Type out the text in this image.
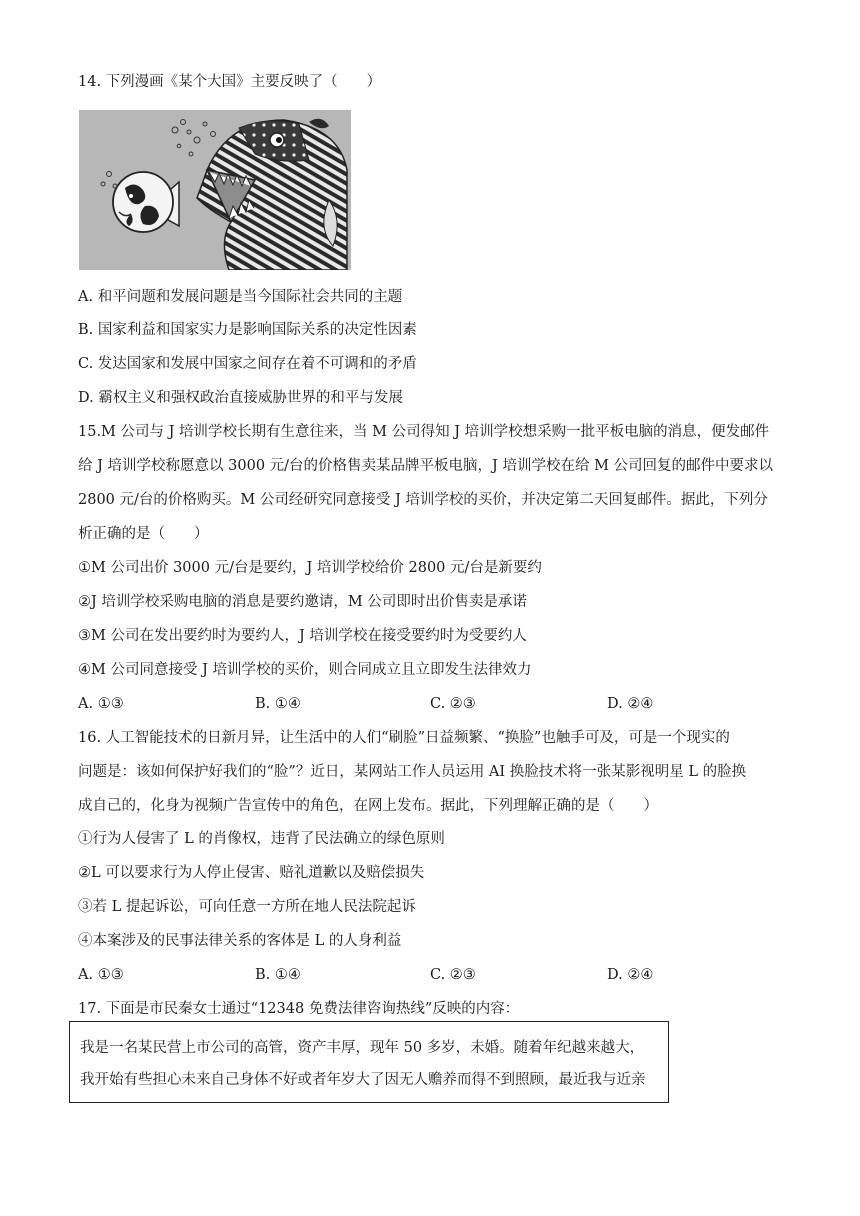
14. 下列漫画《某个大国》主要反映了（　　）
A. 和平问题和发展问题是当今国际社会共同的主题
B. 国家利益和国家实力是影响国际关系的决定性因素
C. 发达国家和发展中国家之间存在着不可调和的矛盾
D. 霸权主义和强权政治直接威胁世界的和平与发展
15.M 公司与 J 培训学校长期有生意往来，当 M 公司得知 J 培训学校想采购一批平板电脑的消息，便发邮件
给 J 培训学校称愿意以 3000 元/台的价格售卖某品牌平板电脑，J 培训学校在给 M 公司回复的邮件中要求以
2800 元/台的价格购买。M 公司经研究同意接受 J 培训学校的买价，并决定第二天回复邮件。据此，下列分
析正确的是（　　）
①M 公司出价 3000 元/台是要约，J 培训学校给价 2800 元/台是新要约
②J 培训学校采购电脑的消息是要约邀请，M 公司即时出价售卖是承诺
③M 公司在发出要约时为要约人，J 培训学校在接受要约时为受要约人
④M 公司同意接受 J 培训学校的买价，则合同成立且立即发生法律效力
A. ①③	B. ①④	C. ②③	D. ②④
16. 人工智能技术的日新月异，让生活中的人们“刷脸”日益频繁、“换脸”也触手可及，可是一个现实的
问题是：该如何保护好我们的“脸”？近日，某网站工作人员运用 AI 换脸技术将一张某影视明星 L 的脸换
成自己的，化身为视频广告宣传中的角色，在网上发布。据此，下列理解正确的是（　　）
①行为人侵害了 L 的肖像权，违背了民法确立的绿色原则
②L 可以要求行为人停止侵害、赔礼道歉以及赔偿损失
③若 L 提起诉讼，可向任意一方所在地人民法院起诉
④本案涉及的民事法律关系的客体是 L 的人身利益
A. ①③	B. ①④	C. ②③	D. ②④
17. 下面是市民秦女士通过“12348 免费法律咨询热线”反映的内容：
我是一名某民营上市公司的高管，资产丰厚，现年 50 多岁，未婚。随着年纪越来越大，
我开始有些担心未来自己身体不好或者年岁大了因无人赡养而得不到照顾，最近我与近亲
